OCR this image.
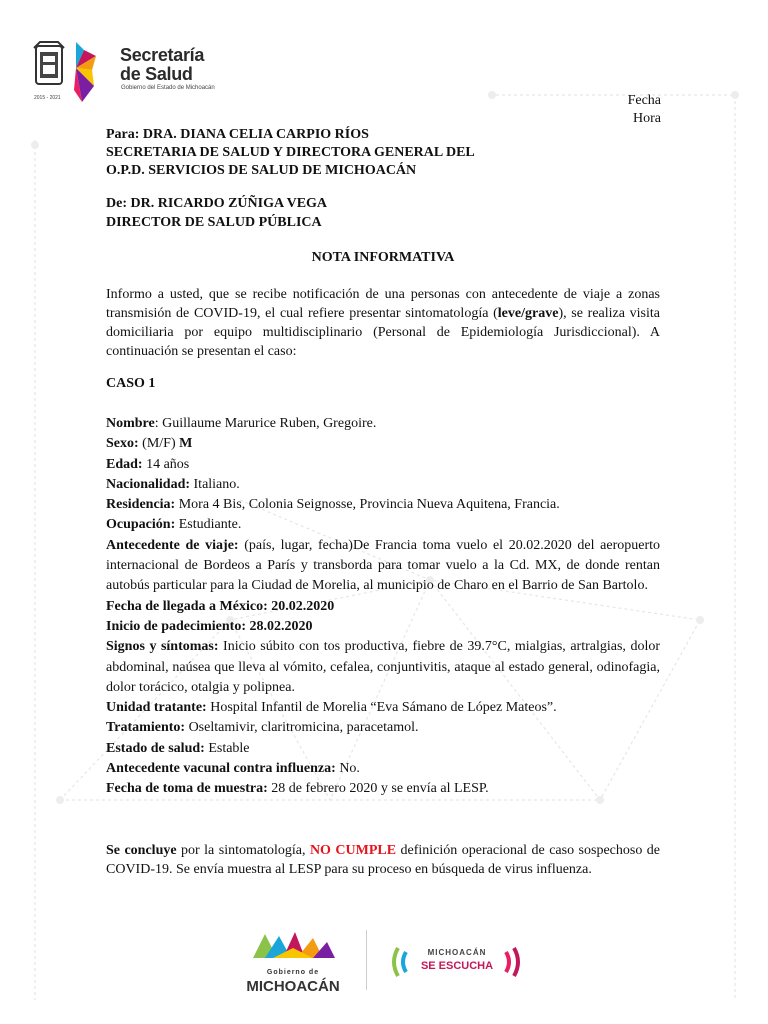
Secretaría
de Salud
Gobierno del Estado de Michoacán
2015 - 2021	Fecha
Hora
Para: DRA. DIANA CELIA CARPIO RÍOS
SECRETARIA DE SALUD Y DIRECTORA GENERAL DEL
O.P.D. SERVICIOS DE SALUD DE MICHOACÁN
De: DR. RICARDO ZÚÑIGA VEGA
DIRECTOR DE SALUD PÚBLICA
NOTA INFORMATIVA
Informo a usted, que se recibe notificación de una personas con antecedente de viaje a zonas transmisión de COVID-19, el cual refiere presentar sintomatología (leve/grave), se realiza visita domiciliaria por equipo multidisciplinario (Personal de Epidemiología Jurisdiccional). A continuación se presentan el caso:
CASO 1
Nombre: Guillaume Marurice Ruben, Gregoire.
Sexo: (M/F) M
Edad: 14 años
Nacionalidad: Italiano.
Residencia: Mora 4 Bis, Colonia Seignosse, Provincia Nueva Aquitena, Francia.
Ocupación: Estudiante.
Antecedente de viaje: (país, lugar, fecha)De Francia toma vuelo el 20.02.2020 del aeropuerto internacional de Bordeos a París y transborda para tomar vuelo a la Cd. MX, de donde rentan autobús particular para la Ciudad de Morelia, al municipio de Charo en el Barrio de San Bartolo.
Fecha de llegada a México: 20.02.2020
Inicio de padecimiento: 28.02.2020
Signos y síntomas: Inicio súbito con tos productiva, fiebre de 39.7°C, mialgias, artralgias, dolor abdominal, naúsea que lleva al vómito, cefalea, conjuntivitis, ataque al estado general, odinofagia, dolor torácico, otalgia y polipnea.
Unidad tratante: Hospital Infantil de Morelia “Eva Sámano de López Mateos”.
Tratamiento: Oseltamivir, claritromicina, paracetamol.
Estado de salud: Estable
Antecedente vacunal contra influenza: No.
Fecha de toma de muestra: 28 de febrero 2020 y se envía al LESP.
Se concluye por la sintomatología, NO CUMPLE definición operacional de caso sospechoso de COVID-19. Se envía muestra al LESP para su proceso en búsqueda de virus influenza.
Gobierno de
MICHOACÁN
MICHOACÁN
SE ESCUCHA
